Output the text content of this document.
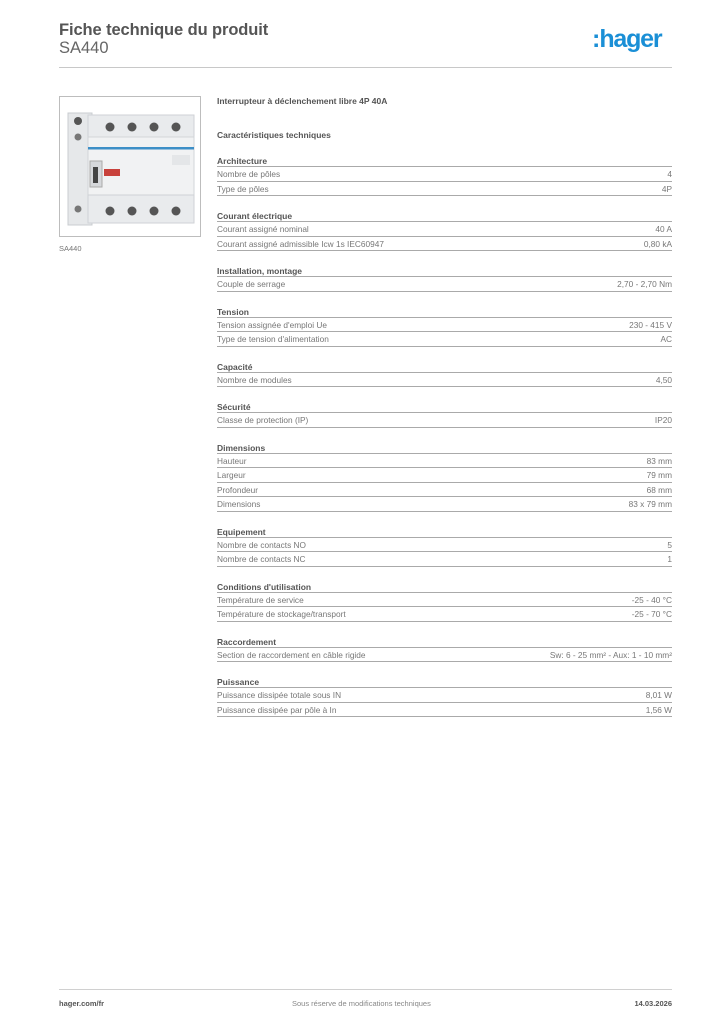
Fiche technique du produit
SA440	:hager
SA440
Interrupteur à déclenchement libre 4P 40A
Caractéristiques techniques
Architecture
Nombre de pôles	4
Type de pôles	4P
Courant électrique
Courant assigné nominal	40 A
Courant assigné admissible Icw 1s IEC60947	0,80 kA
Installation, montage
Couple de serrage	2,70 - 2,70 Nm
Tension
Tension assignée d'emploi Ue	230 - 415 V
Type de tension d'alimentation	AC
Capacité
Nombre de modules	4,50
Sécurité
Classe de protection (IP)	IP20
Dimensions
Hauteur	83 mm
Largeur	79 mm
Profondeur	68 mm
Dimensions	83 x 79 mm
Equipement
Nombre de contacts NO	5
Nombre de contacts NC	1
Conditions d'utilisation
Température de service	-25 - 40 °C
Température de stockage/transport	-25 - 70 °C
Raccordement
Section de raccordement en câble rigide	Sw: 6 - 25 mm² - Aux: 1 - 10 mm²
Puissance
Puissance dissipée totale sous IN	8,01 W
Puissance dissipée par pôle à In	1,56 W
hager.com/fr	Sous réserve de modifications techniques	14.03.2026
